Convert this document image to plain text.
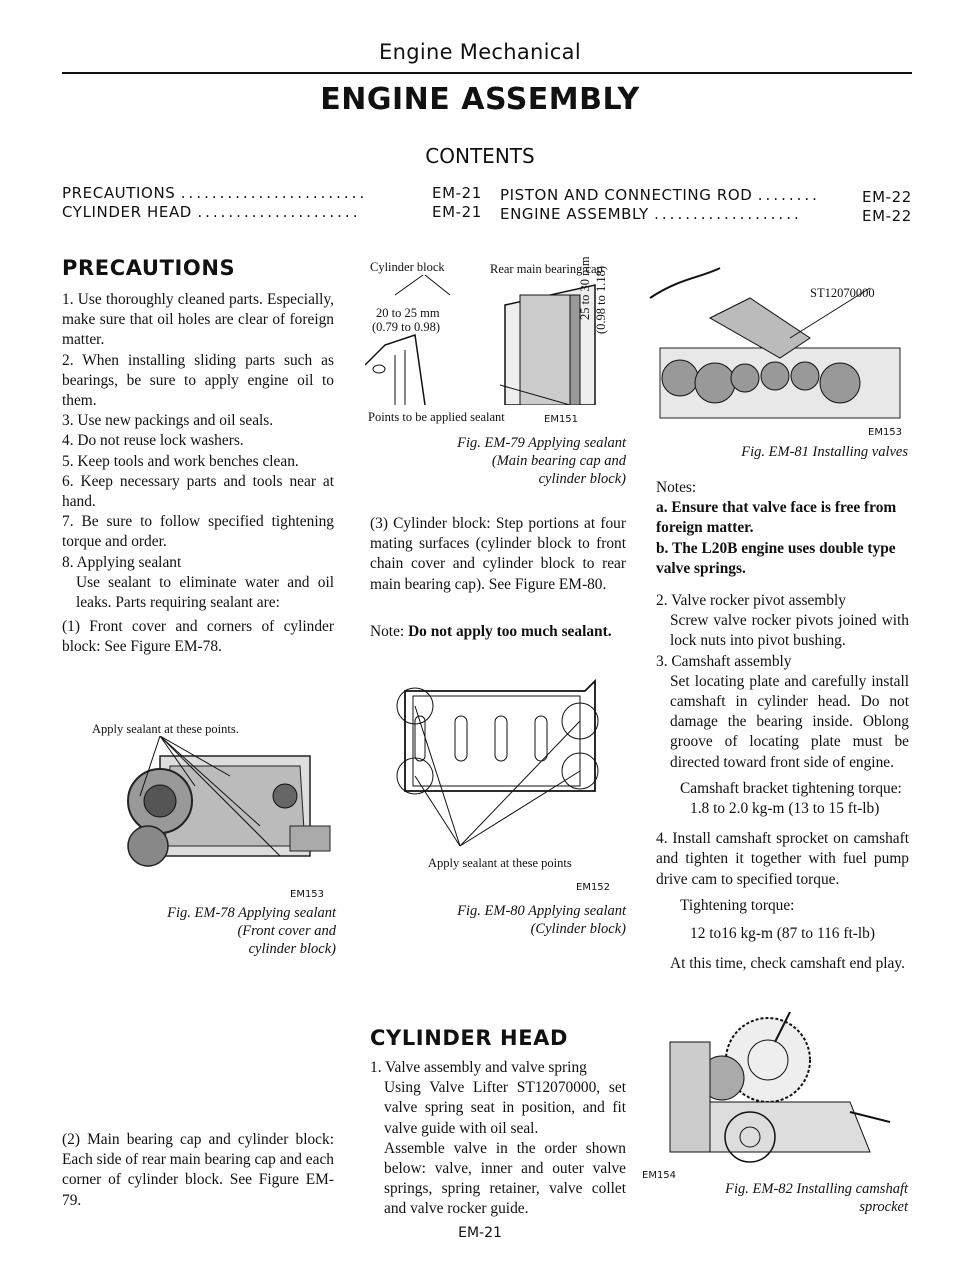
Engine Mechanical
ENGINE ASSEMBLY
CONTENTS
PRECAUTIONS ........................	EM-21
CYLINDER HEAD .....................	EM-21
PISTON AND CONNECTING ROD ........	EM-22
ENGINE ASSEMBLY ...................	EM-22
PRECAUTIONS

1. Use thoroughly cleaned parts. Especially, make sure that oil holes are clear of foreign matter.

2. When installing sliding parts such as bearings, be sure to apply engine oil to them.

3. Use new packings and oil seals.

4. Do not reuse lock washers.

5. Keep tools and work benches clean.

6. Keep necessary parts and tools near at hand.

7. Be sure to follow specified tightening torque and order.

8. Applying sealant

Use sealant to eliminate water and oil leaks. Parts requiring sealant are:

(1) Front cover and corners of cylinder block: See Figure EM-78.

Apply sealant at these points.
EM153
Fig. EM-78 Applying sealant
(Front cover and
cylinder block)
(2) Main bearing cap and cylinder block: Each side of rear main bearing cap and each corner of cylinder block. See Figure EM-79.
Cylinder block	Rear main bearing cap
20 to 25 mm
(0.79 to 0.98)
Points to be applied sealant	EM151
25 to 30 mm (0.98 to 1.18)
Fig. EM-79 Applying sealant
(Main bearing cap and
cylinder block)
(3) Cylinder block: Step portions at four mating surfaces (cylinder block to front chain cover and cylinder block to rear main bearing cap). See Figure EM-80.
Note: Do not apply too much sealant.
Apply sealant at these points
EM152
Fig. EM-80 Applying sealant
(Cylinder block)
CYLINDER HEAD

1. Valve assembly and valve spring

Using Valve Lifter ST12070000, set valve spring seat in position, and fit valve guide with oil seal.

Assemble valve in the order shown below: valve, inner and outer valve springs, spring retainer, valve collet and valve rocker guide.

EM-21
ST12070000
EM153
Fig. EM-81 Installing valves

Notes:

a. Ensure that valve face is free from foreign matter.

b. The L20B engine uses double type valve springs.

2. Valve rocker pivot assembly

Screw valve rocker pivots joined with lock nuts into pivot bushing.

3. Camshaft assembly

Set locating plate and carefully install camshaft in cylinder head. Do not damage the bearing inside. Oblong groove of locating plate must be directed toward front side of engine.

Camshaft bracket tightening torque:

1.8 to 2.0 kg-m (13 to 15 ft-lb)

4. Install camshaft sprocket on camshaft and tighten it together with fuel pump drive cam to specified torque.

Tightening torque:

12 to16 kg-m (87 to 116 ft-lb)

At this time, check camshaft end play.

EM154
Fig. EM-82 Installing camshaft
sprocket
